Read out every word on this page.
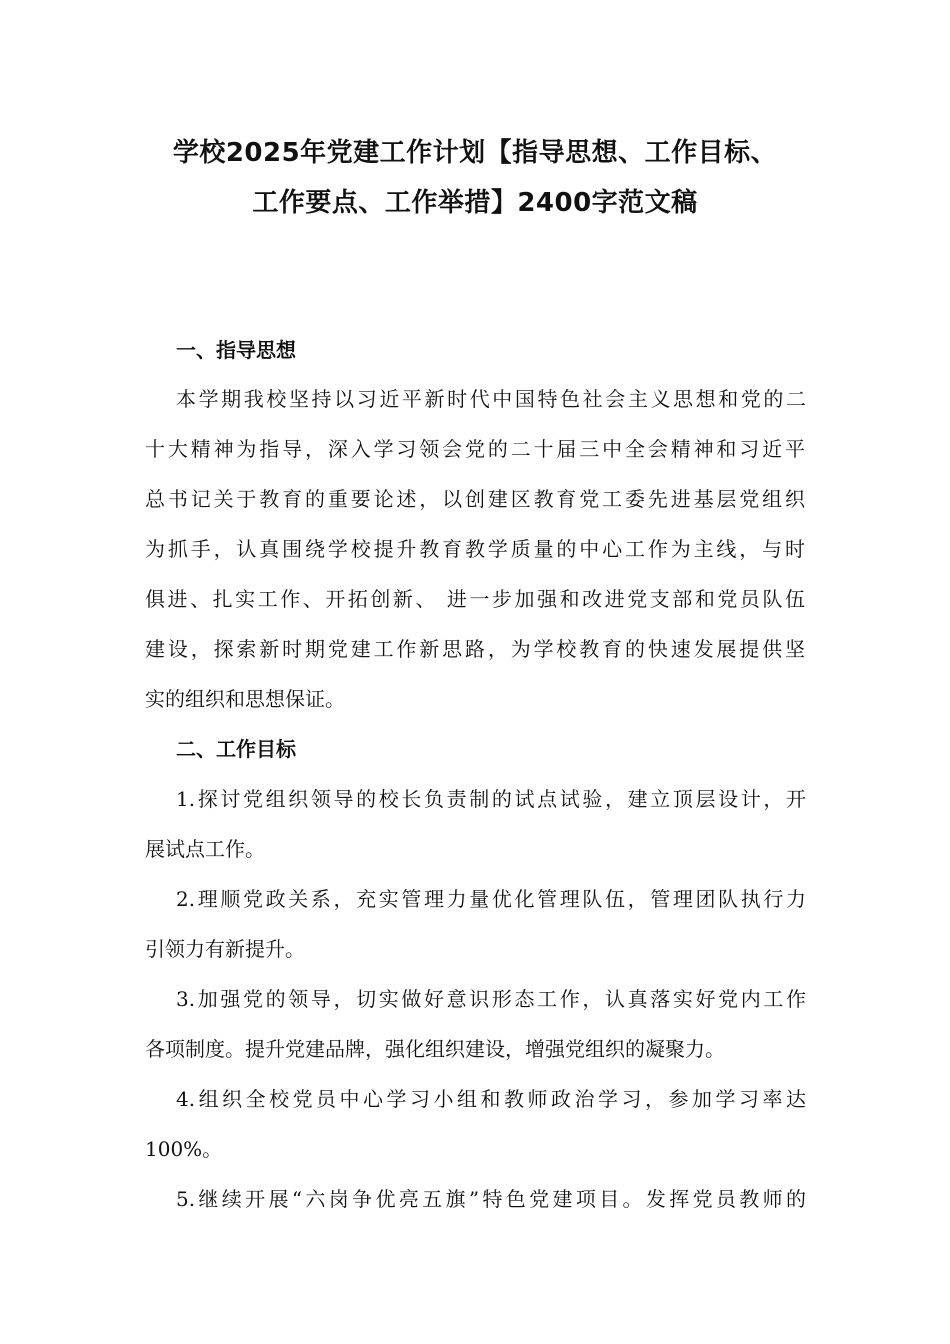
学校2025年党建工作计划【指导思想、工作目标、
工作要点、工作举措】2400字范文稿
一、指导思想
本学期我校坚持以习近平新时代中国特色社会主义思想和党的二
十大精神为指导，深入学习领会党的二十届三中全会精神和习近平
总书记关于教育的重要论述，以创建区教育党工委先进基层党组织
为抓手，认真围绕学校提升教育教学质量的中心工作为主线，与时
俱进、扎实工作、开拓创新、 进一步加强和改进党支部和党员队伍
建设，探索新时期党建工作新思路，为学校教育的快速发展提供坚
实的组织和思想保证。
二、工作目标
1.探讨党组织领导的校长负责制的试点试验，建立顶层设计，开
展试点工作。
2.理顺党政关系，充实管理力量优化管理队伍，管理团队执行力
引领力有新提升。
3.加强党的领导，切实做好意识形态工作，认真落实好党内工作
各项制度。提升党建品牌，强化组织建设，增强党组织的凝聚力。
4.组织全校党员中心学习小组和教师政治学习，参加学习率达
100%。
5.继续开展“六岗争优亮五旗”特色党建项目。发挥党员教师的
